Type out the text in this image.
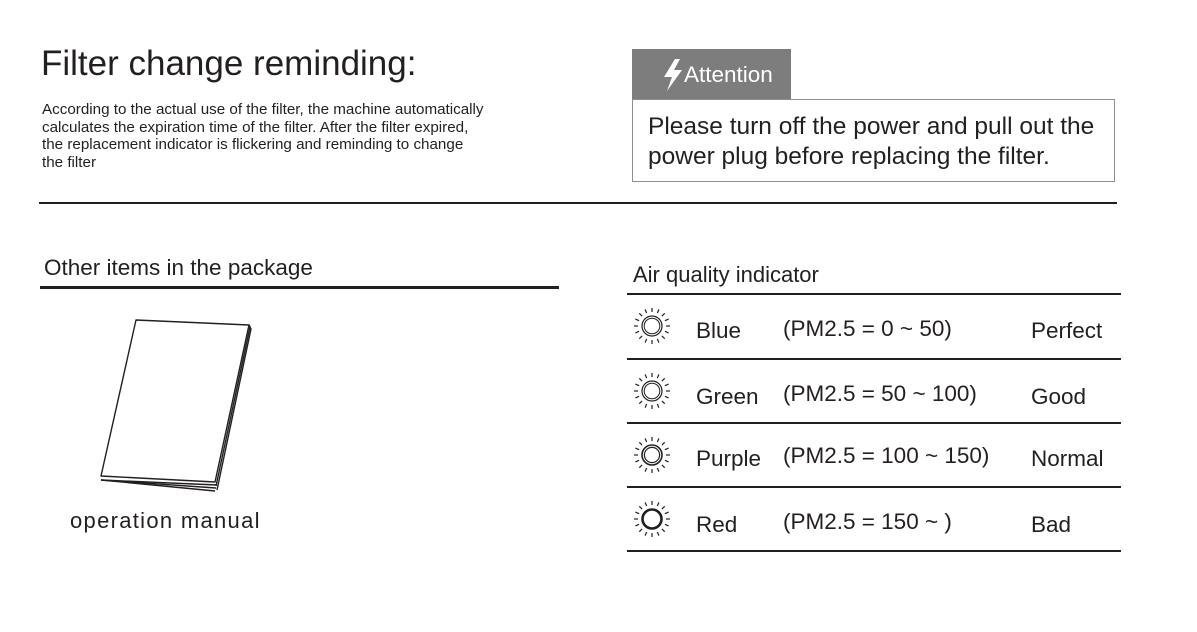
Filter change reminding:
According to the actual use of the filter, the machine automatically
calculates the expiration time of the filter. After the filter expired,
the replacement indicator is flickering and reminding to change
the filter
Attention
Please turn off the power and pull out the
power plug before replacing the filter.
Other items in the package
operation manual
Air quality indicator
Blue (PM2.5 = 0 ~ 50)	Perfect
Green (PM2.5 = 50 ~ 100) Good
Purple (PM2.5 = 100 ~ 150) Normal
Red (PM2.5 = 150 ~ )	Bad
